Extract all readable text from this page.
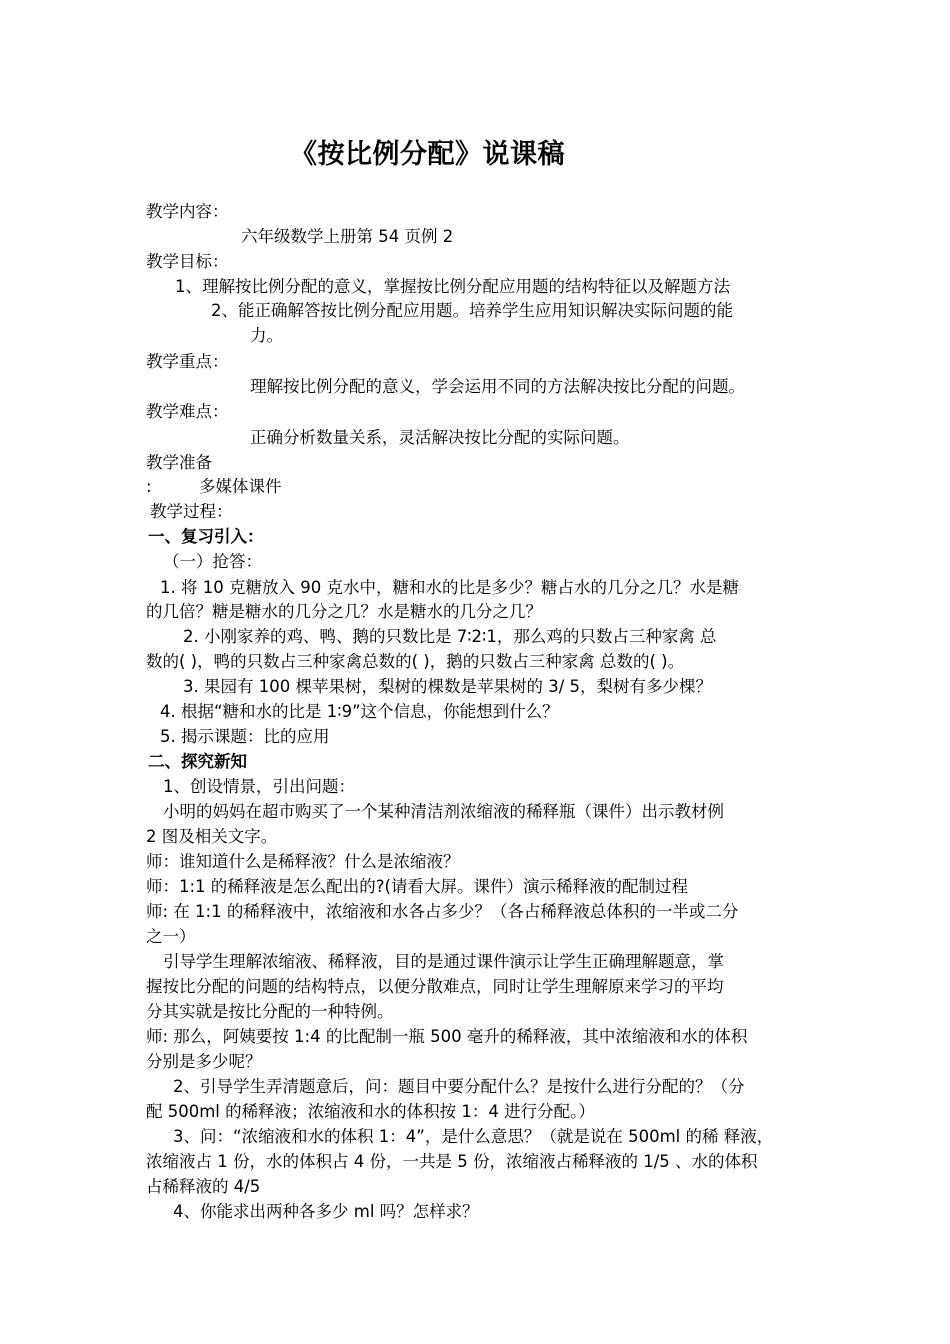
《按比例分配》说课稿
教学内容：
六年级数学上册第 54 页例 2
教学目标：
1、理解按比例分配的意义，掌握按比例分配应用题的结构特征以及解题方法
2、能正确解答按比例分配应用题。培养学生应用知识解决实际问题的能
力。
教学重点：
理解按比例分配的意义，学会运用不同的方法解决按比分配的问题。
教学难点：
正确分析数量关系，灵活解决按比分配的实际问题。
教学准备
:	多媒体课件
教学过程：
一、复习引入：
（一）抢答：
1. 将 10 克糖放入 90 克水中，糖和水的比是多少？糖占水的几分之几？水是糖
的几倍？糖是糖水的几分之几？水是糖水的几分之几？
2. 小刚家养的鸡、鸭、鹅的只数比是 7∶2∶1，那么鸡的只数占三种家禽 总
数的( )，鸭的只数占三种家禽总数的( )，鹅的只数占三种家禽 总数的( )。
3. 果园有 100 棵苹果树，梨树的棵数是苹果树的 3/ 5，梨树有多少棵？
4. 根据“糖和水的比是 1∶9”这个信息，你能想到什么？
5. 揭示课题：比的应用
二、探究新知
1、创设情景，引出问题：
小明的妈妈在超市购买了一个某种清洁剂浓缩液的稀释瓶（课件）出示教材例
2 图及相关文字。
师：谁知道什么是稀释液？什么是浓缩液？
师：1:1 的稀释液是怎么配出的?(请看大屏。课件）演示稀释液的配制过程
师: 在 1:1 的稀释液中，浓缩液和水各占多少？（各占稀释液总体积的一半或二分
之一）
引导学生理解浓缩液、稀释液，目的是通过课件演示让学生正确理解题意，掌
握按比分配的问题的结构特点，以便分散难点，同时让学生理解原来学习的平均
分其实就是按比分配的一种特例。
师: 那么，阿姨要按 1:4 的比配制一瓶 500 毫升的稀释液，其中浓缩液和水的体积
分别是多少呢？
2、引导学生弄清题意后，问：题目中要分配什么？是按什么进行分配的？（分
配 500ml 的稀释液；浓缩液和水的体积按 1：4 进行分配。）
3、问：“浓缩液和水的体积 1：4”，是什么意思？（就是说在 500ml 的稀 释液，
浓缩液占 1 份，水的体积占 4 份，一共是 5 份，浓缩液占稀释液的 1/5 、水的体积
占稀释液的 4/5
4、你能求出两种各多少 ml 吗？怎样求？
